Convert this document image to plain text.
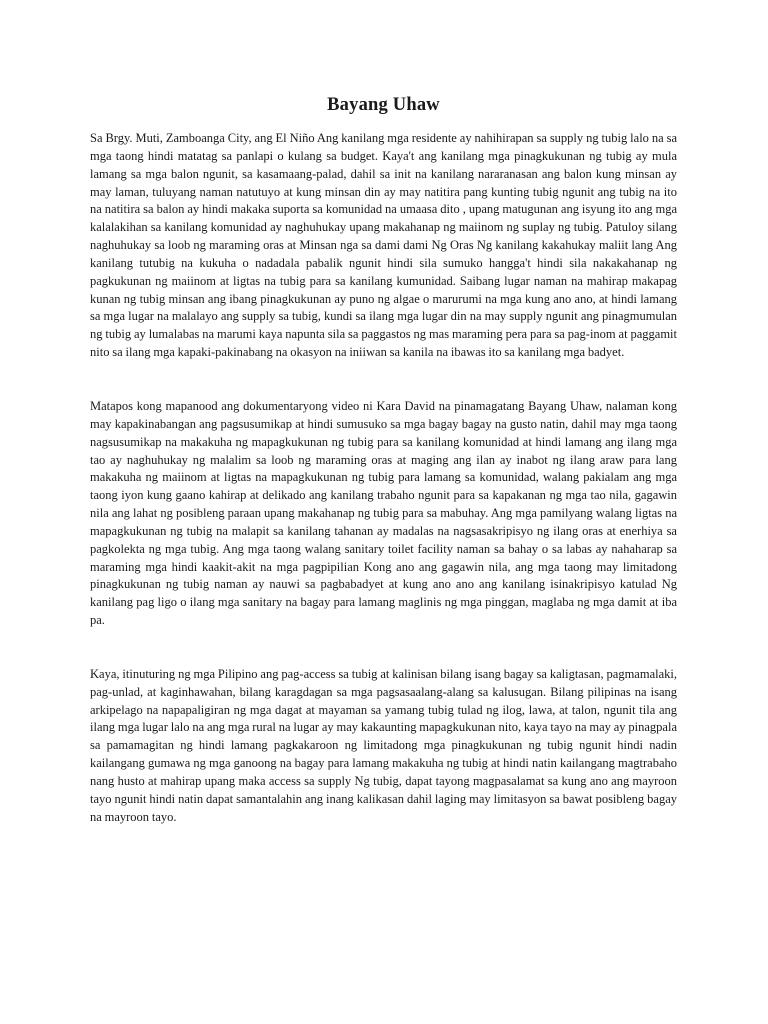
Bayang Uhaw

Sa Brgy. Muti, Zamboanga City, ang El Niño Ang kanilang mga residente ay nahihirapan sa supply ng tubig lalo na sa mga taong hindi matatag sa panlapi o kulang sa budget. Kaya't ang kanilang mga pinagkukunan ng tubig ay mula lamang sa mga balon ngunit, sa kasamaang-palad, dahil sa init na kanilang nararanasan ang balon kung minsan ay may laman, tuluyang naman natutuyo at kung minsan din ay may natitira pang kunting tubig ngunit ang tubig na ito na natitira sa balon ay hindi makaka suporta sa komunidad na umaasa dito , upang matugunan ang isyung ito ang mga kalalakihan sa kanilang komunidad ay naghuhukay upang makahanap ng maiinom ng suplay ng tubig. Patuloy silang naghuhukay sa loob ng maraming oras at Minsan nga sa dami dami Ng Oras Ng kanilang kakahukay maliit lang Ang kanilang tutubig na kukuha o nadadala pabalik ngunit hindi sila sumuko hangga't hindi sila nakakahanap ng pagkukunan ng maiinom at ligtas na tubig para sa kanilang kumunidad. Saibang lugar naman na mahirap makapag kunan ng tubig minsan ang ibang pinagkukunan ay puno ng algae o marurumi na mga kung ano ano, at hindi lamang sa mga lugar na malalayo ang supply sa tubig, kundi sa ilang mga lugar din na may supply ngunit ang pinagmumulan ng tubig ay lumalabas na marumi kaya napunta sila sa paggastos ng mas maraming pera para sa pag-inom at paggamit nito sa ilang mga kapaki-pakinabang na okasyon na iniiwan sa kanila na ibawas ito sa kanilang mga badyet.

Matapos kong mapanood ang dokumentaryong video ni Kara David na pinamagatang Bayang Uhaw, nalaman kong may kapakinabangan ang pagsusumikap at hindi sumusuko sa mga bagay bagay na gusto natin, dahil may mga taong nagsusumikap na makakuha ng mapagkukunan ng tubig para sa kanilang komunidad at hindi lamang ang ilang mga tao ay naghuhukay ng malalim sa loob ng maraming oras at maging ang ilan ay inabot ng ilang araw para lang makakuha ng maiinom at ligtas na mapagkukunan ng tubig para lamang sa komunidad, walang pakialam ang mga taong iyon kung gaano kahirap at delikado ang kanilang trabaho ngunit para sa kapakanan ng mga tao nila, gagawin nila ang lahat ng posibleng paraan upang makahanap ng tubig para sa mabuhay. Ang mga pamilyang walang ligtas na mapagkukunan ng tubig na malapit sa kanilang tahanan ay madalas na nagsasakripisyo ng ilang oras at enerhiya sa pagkolekta ng mga tubig. Ang mga taong walang sanitary toilet facility naman sa bahay o sa labas ay nahaharap sa maraming mga hindi kaakit-akit na mga pagpipilian Kong ano ang gagawin nila, ang mga taong may limitadong pinagkukunan ng tubig naman ay nauwi sa pagbabadyet at kung ano ano ang kanilang isinakripisyo katulad Ng kanilang pag ligo o ilang mga sanitary na bagay para lamang maglinis ng mga pinggan, maglaba ng mga damit at iba pa.

Kaya, itinuturing ng mga Pilipino ang pag-access sa tubig at kalinisan bilang isang bagay sa kaligtasan, pagmamalaki, pag-unlad, at kaginhawahan, bilang karagdagan sa mga pagsasaalang-alang sa kalusugan. Bilang pilipinas na isang arkipelago na napapaligiran ng mga dagat at mayaman sa yamang tubig tulad ng ilog, lawa, at talon, ngunit tila ang ilang mga lugar lalo na ang mga rural na lugar ay may kakaunting mapagkukunan nito, kaya tayo na may ay pinagpala sa pamamagitan ng hindi lamang pagkakaroon ng limitadong mga pinagkukunan ng tubig ngunit hindi nadin kailangang gumawa ng mga ganoong na bagay para lamang makakuha ng tubig at hindi natin kailangang magtrabaho nang husto at mahirap upang maka access sa supply Ng tubig, dapat tayong magpasalamat sa kung ano ang mayroon tayo ngunit hindi natin dapat samantalahin ang inang kalikasan dahil laging may limitasyon sa bawat posibleng bagay na mayroon tayo.
